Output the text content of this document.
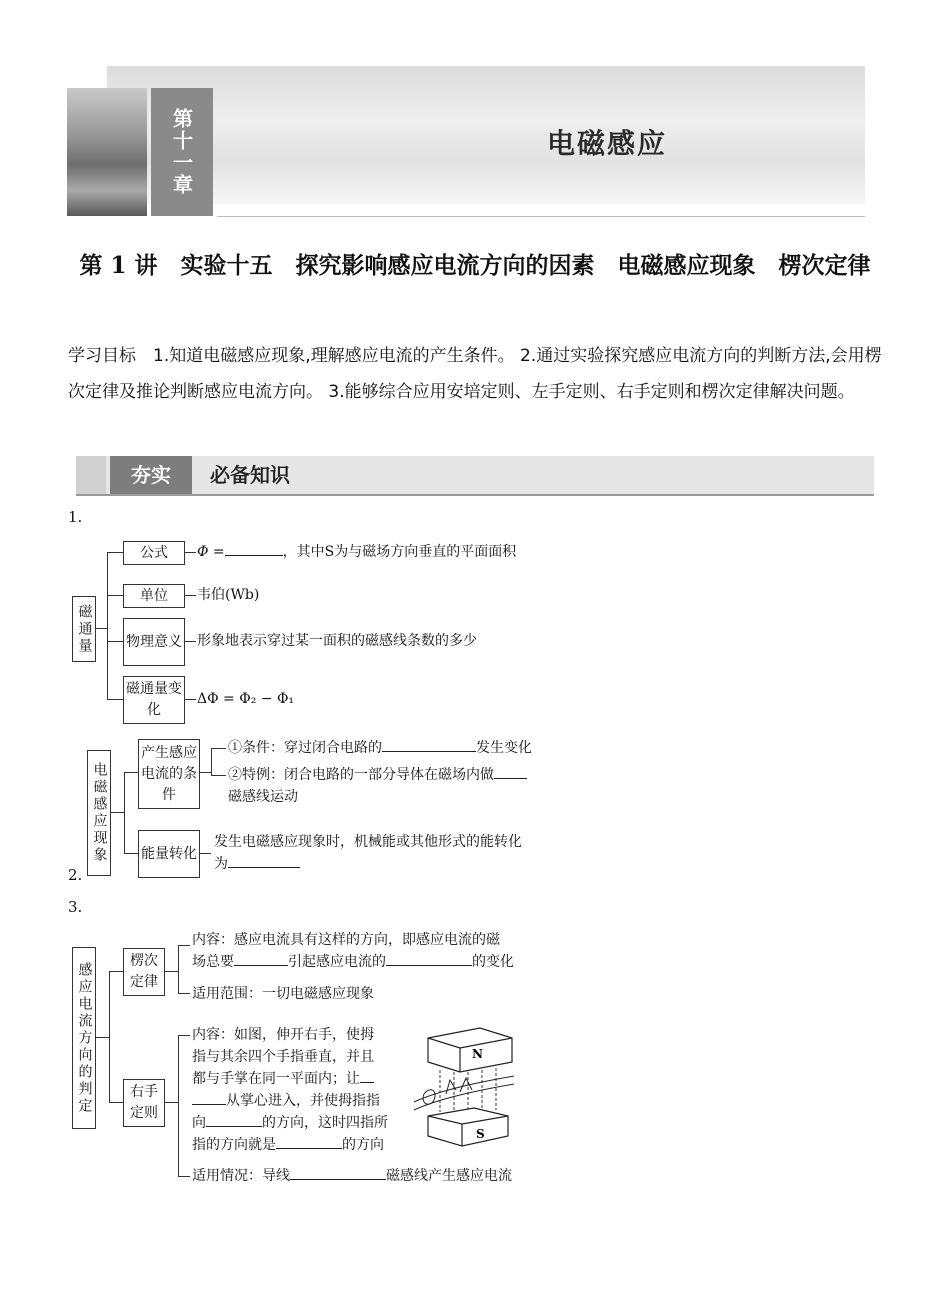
第十一章	电磁感应
第 1 讲　实验十五　探究影响感应电流方向的因素　电磁感应现象　楞次定律
学习目标　1.知道电磁感应现象,理解感应电流的产生条件。 2.通过实验探究感应电流方向的判断方法,会用楞次定律及推论判断感应电流方向。 3.能够综合应用安培定则、左手定则、右手定则和楞次定律解决问题。
夯实	必备知识
1.
磁通量
公式	Φ =	，其中S为与磁场方向垂直的平面面积
单位	韦伯(Wb)
物理意义 形象地表示穿过某一面积的磁感线条数的多少
磁通量变化
ΔΦ = Φ₂ − Φ₁
电磁感应现象
2.
产生感应电流的条件
①条件：穿过闭合电路的	发生变化
②特例：闭合电路的一部分导体在磁场内做
磁感线运动
能量转化
发生电磁感应现象时，机械能或其他形式的能转化
为
3.
感应电流方向的判定
楞次定律
内容：感应电流具有这样的方向，即感应电流的磁
场总要	引起感应电流的	的变化
适用范围：一切电磁感应现象
右手定则
内容：如图，伸开右手，使拇
指与其余四个手指垂直，并且
都与手掌在同一平面内；让
从掌心进入，并使拇指指
向	的方向，这时四指所
指的方向就是	的方向
适用情况：导线	磁感线产生感应电流
N
S
